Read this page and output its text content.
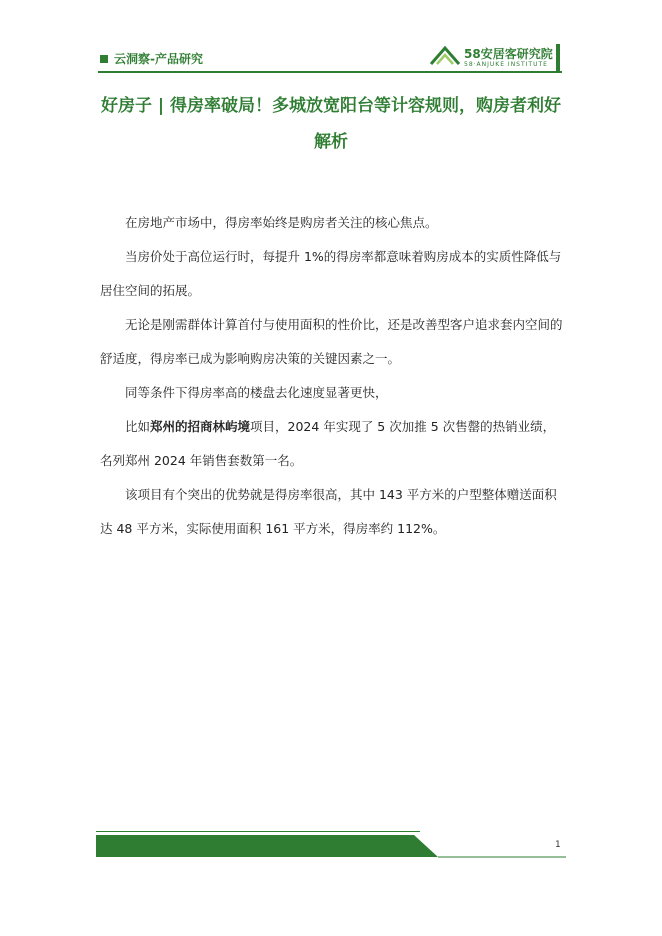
云洞察-产品研究	58安居客研究院
58·ANJUKE INSTITUTE
好房子 | 得房率破局！多城放宽阳台等计容规则，购房者利好解析

在房地产市场中，得房率始终是购房者关注的核心焦点。

当房价处于高位运行时，每提升 1%的得房率都意味着购房成本的实质性降低与居住空间的拓展。

无论是刚需群体计算首付与使用面积的性价比，还是改善型客户追求套内空间的舒适度，得房率已成为影响购房决策的关键因素之一。

同等条件下得房率高的楼盘去化速度显著更快，

比如郑州的招商林屿境项目，2024 年实现了 5 次加推 5 次售罄的热销业绩，名列郑州 2024 年销售套数第一名。

该项目有个突出的优势就是得房率很高，其中 143 平方米的户型整体赠送面积达 48 平方米，实际使用面积 161 平方米，得房率约 112%。

1
